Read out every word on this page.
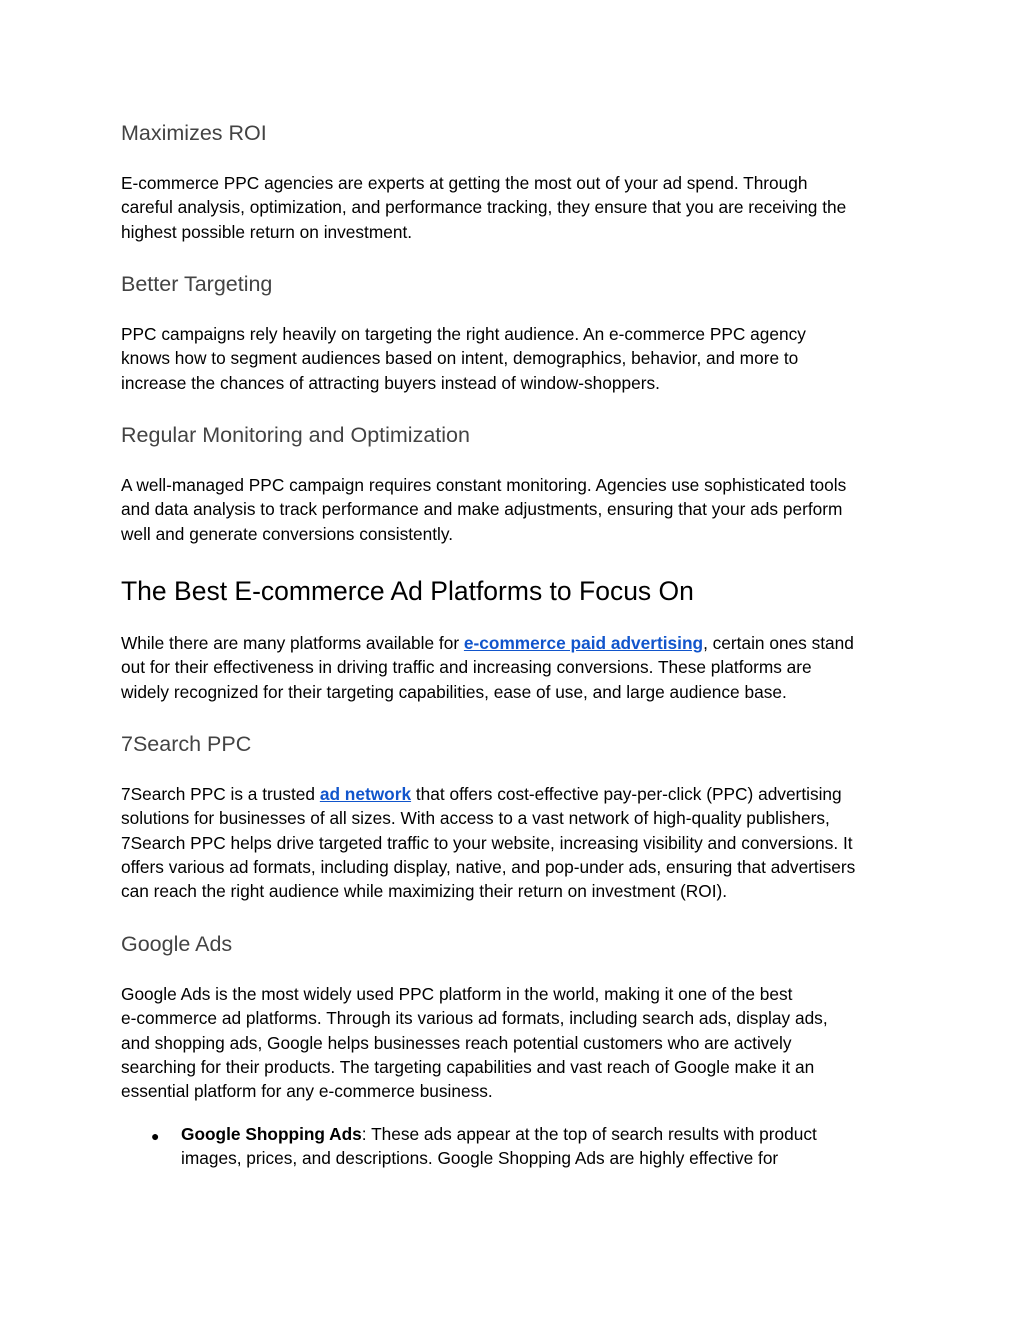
Maximizes ROI

E-commerce PPC agencies are experts at getting the most out of your ad spend. Through
careful analysis, optimization, and performance tracking, they ensure that you are receiving the
highest possible return on investment.

Better Targeting

PPC campaigns rely heavily on targeting the right audience. An e-commerce PPC agency
knows how to segment audiences based on intent, demographics, behavior, and more to
increase the chances of attracting buyers instead of window-shoppers.

Regular Monitoring and Optimization

A well-managed PPC campaign requires constant monitoring. Agencies use sophisticated tools
and data analysis to track performance and make adjustments, ensuring that your ads perform
well and generate conversions consistently.

The Best E-commerce Ad Platforms to Focus On

While there are many platforms available for e-commerce paid advertising, certain ones stand
out for their effectiveness in driving traffic and increasing conversions. These platforms are
widely recognized for their targeting capabilities, ease of use, and large audience base.

7Search PPC

7Search PPC is a trusted ad network that offers cost-effective pay-per-click (PPC) advertising
solutions for businesses of all sizes. With access to a vast network of high-quality publishers,
7Search PPC helps drive targeted traffic to your website, increasing visibility and conversions. It
offers various ad formats, including display, native, and pop-under ads, ensuring that advertisers
can reach the right audience while maximizing their return on investment (ROI).

Google Ads

Google Ads is the most widely used PPC platform in the world, making it one of the best
e-commerce ad platforms. Through its various ad formats, including search ads, display ads,
and shopping ads, Google helps businesses reach potential customers who are actively
searching for their products. The targeting capabilities and vast reach of Google make it an
essential platform for any e-commerce business.

● Google Shopping Ads: These ads appear at the top of search results with product
images, prices, and descriptions. Google Shopping Ads are highly effective for
